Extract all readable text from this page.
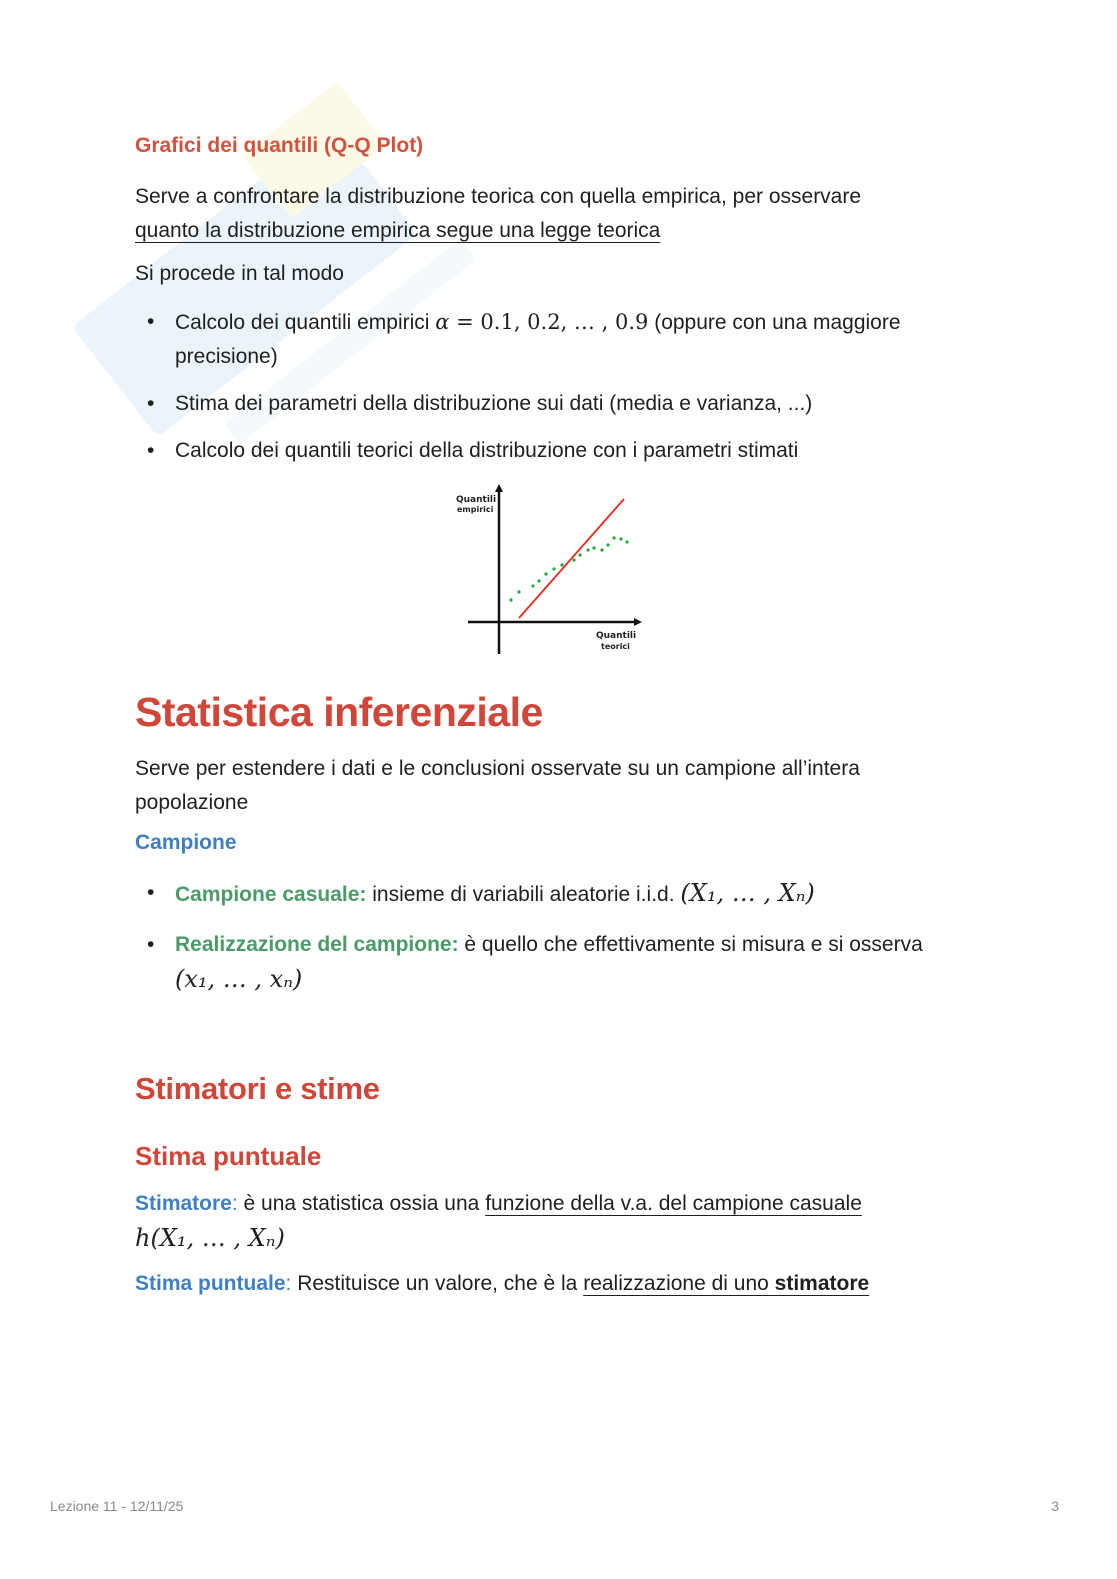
Grafici dei quantili (Q-Q Plot)

Serve a confrontare la distribuzione teorica con quella empirica, per osservare
quanto la distribuzione empirica segue una legge teorica

Si procede in tal modo

• Calcolo dei quantili empirici α = 0.1, 0.2, … , 0.9 (oppure con una maggiore precisione)
• Stima dei parametri della distribuzione sui dati (media e varianza, ...)
• Calcolo dei quantili teorici della distribuzione con i parametri stimati
Quantili
empirici
Quantili
teorici
Statistica inferenziale

Serve per estendere i dati e le conclusioni osservate su un campione all’intera popolazione

Campione
• Campione casuale: insieme di variabili aleatorie i.i.d. (X₁, … , Xₙ)
• Realizzazione del campione: è quello che effettivamente si misura e si osserva (x₁, … , xₙ)
Stimatori e stime
Stima puntuale

Stimatore: è una statistica ossia una funzione della v.a. del campione casuale
h(X₁, … , Xₙ)

Stima puntuale: Restituisce un valore, che è la realizzazione di uno stimatore

Lezione 11 - 12/11/25	3
